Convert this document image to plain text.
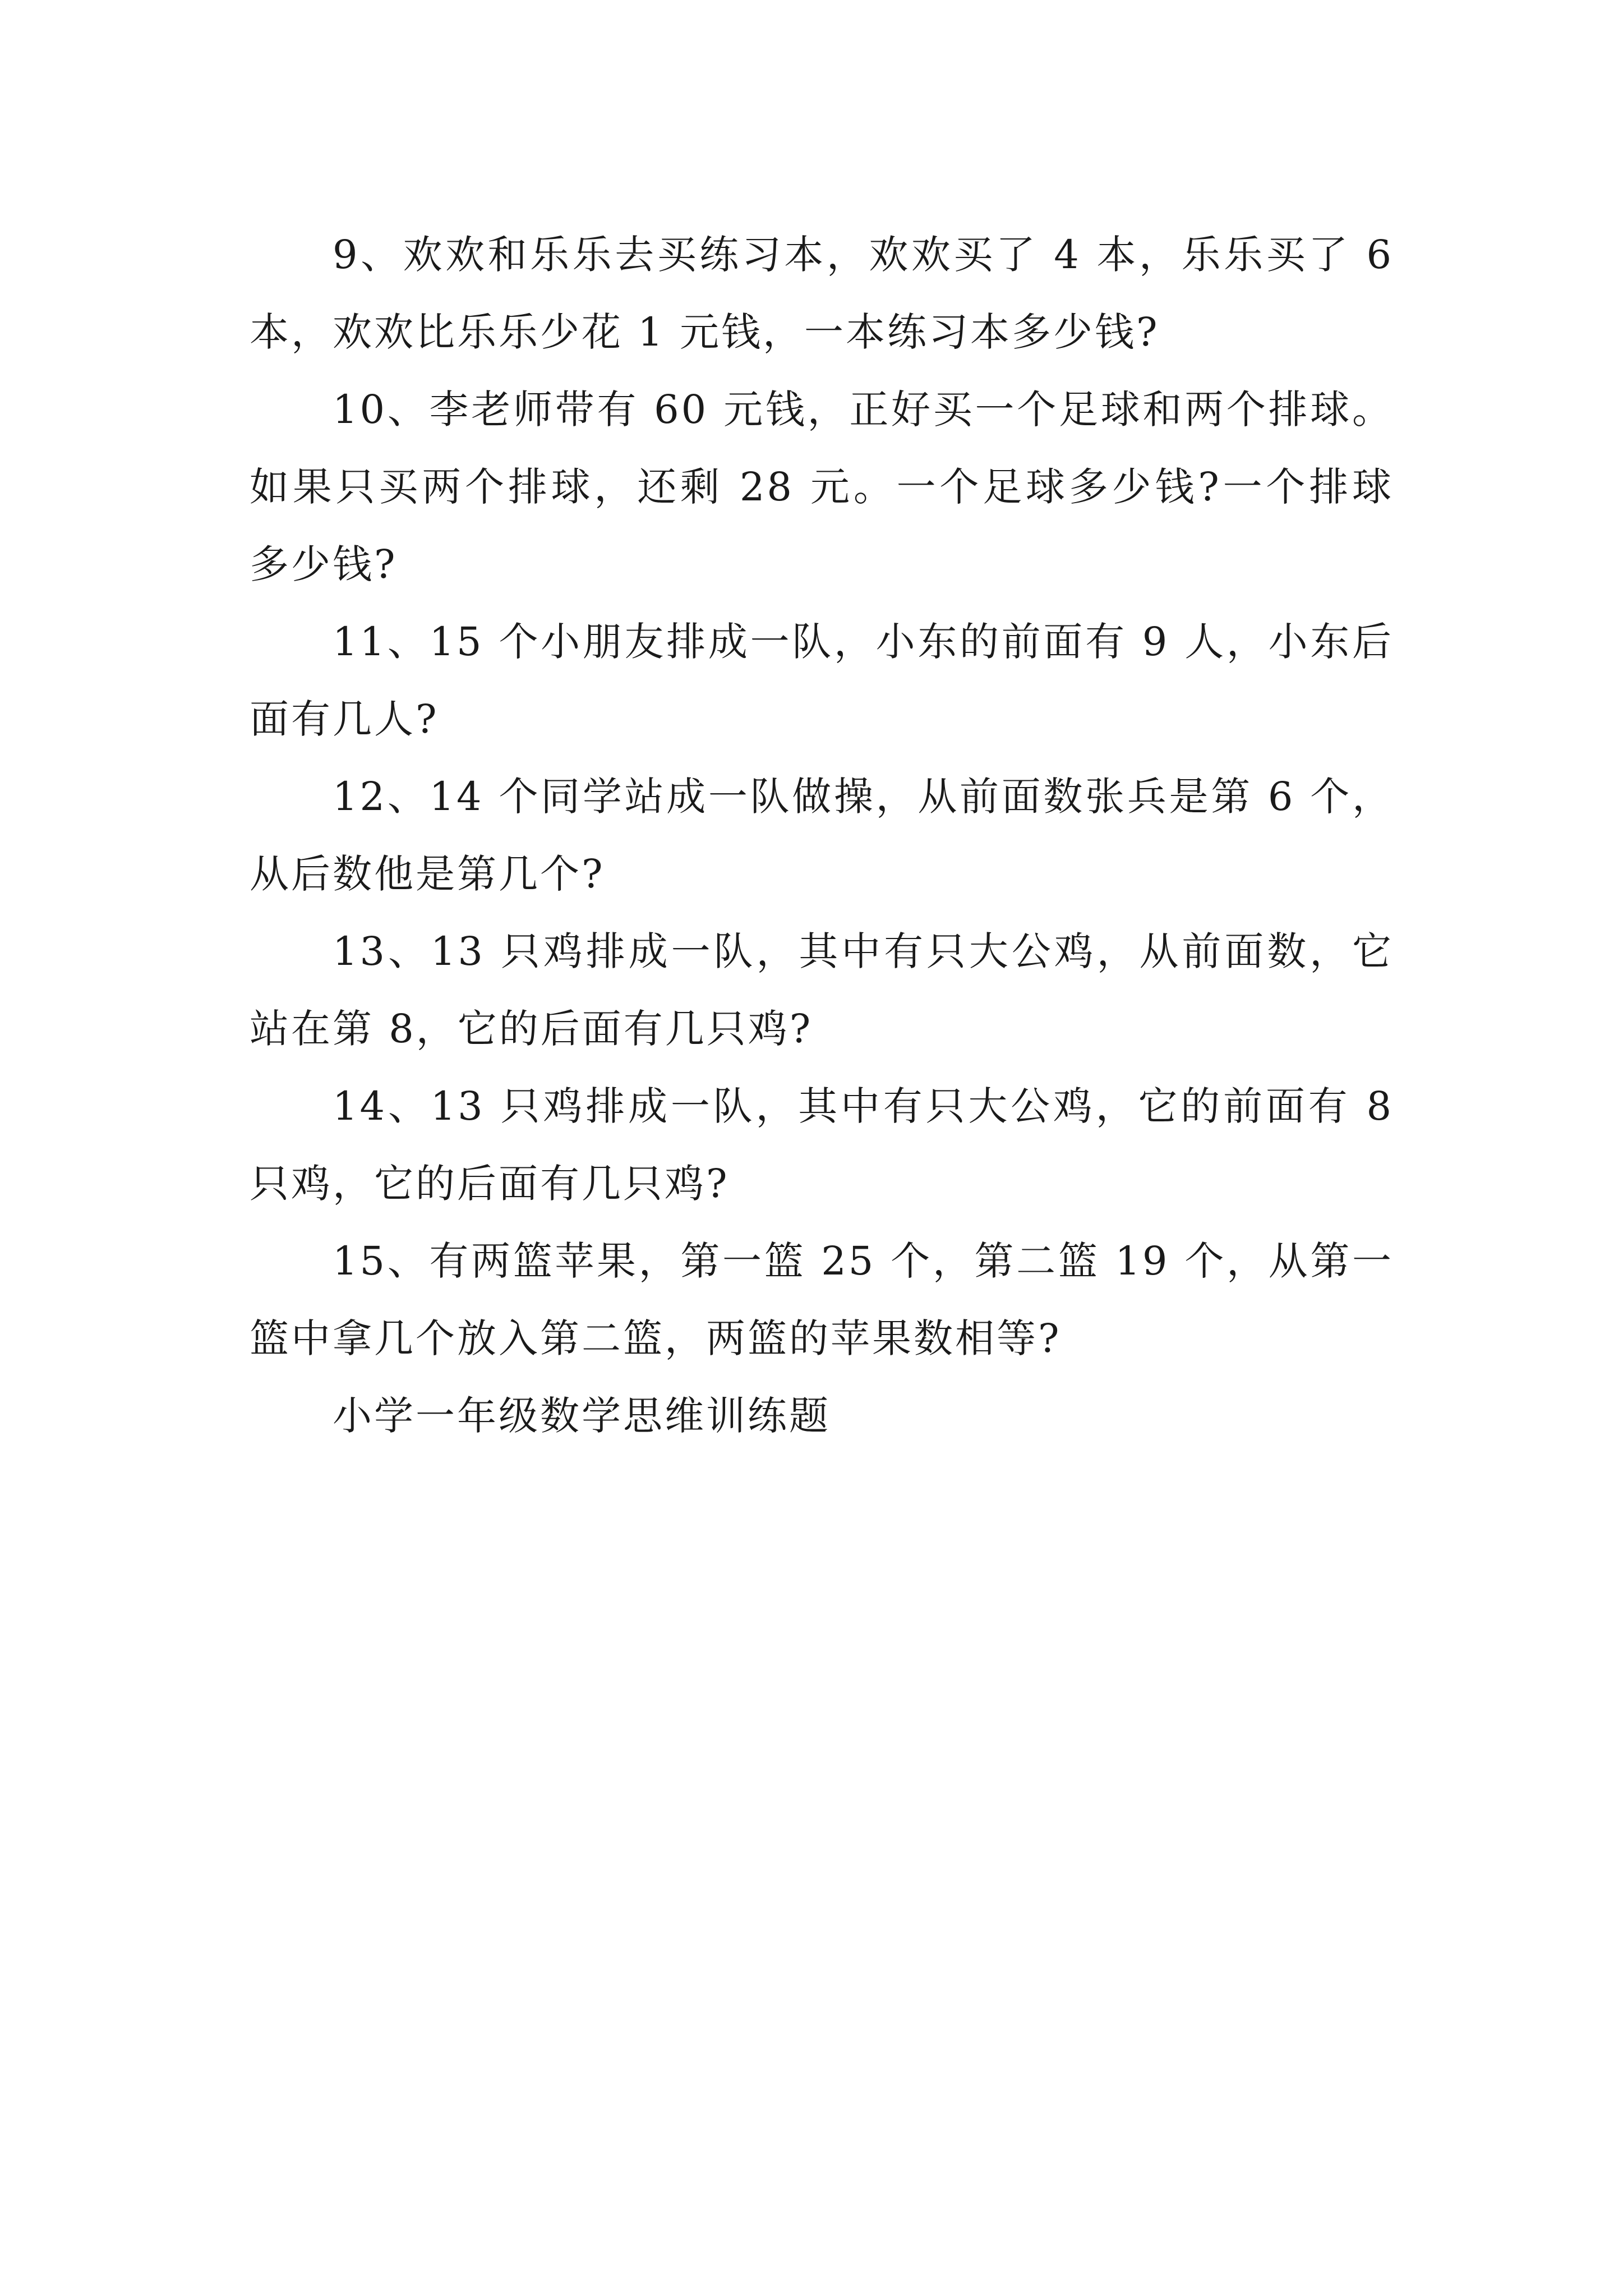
9、欢欢和乐乐去买练习本，欢欢买了 4 本，乐乐买了 6 本，欢欢比乐乐少花 1 元钱，一本练习本多少钱?

10、李老师带有 60 元钱，正好买一个足球和两个排球。如果只买两个排球，还剩 28 元。一个足球多少钱?一个排球多少钱?

11、15 个小朋友排成一队，小东的前面有 9 人，小东后面有几人?

12、14 个同学站成一队做操，从前面数张兵是第 6 个，从后数他是第几个?

13、13 只鸡排成一队，其中有只大公鸡，从前面数，它站在第 8，它的后面有几只鸡?

14、13 只鸡排成一队，其中有只大公鸡，它的前面有 8 只鸡，它的后面有几只鸡?

15、有两篮苹果，第一篮 25 个，第二篮 19 个，从第一篮中拿几个放入第二篮，两篮的苹果数相等?

小学一年级数学思维训练题
